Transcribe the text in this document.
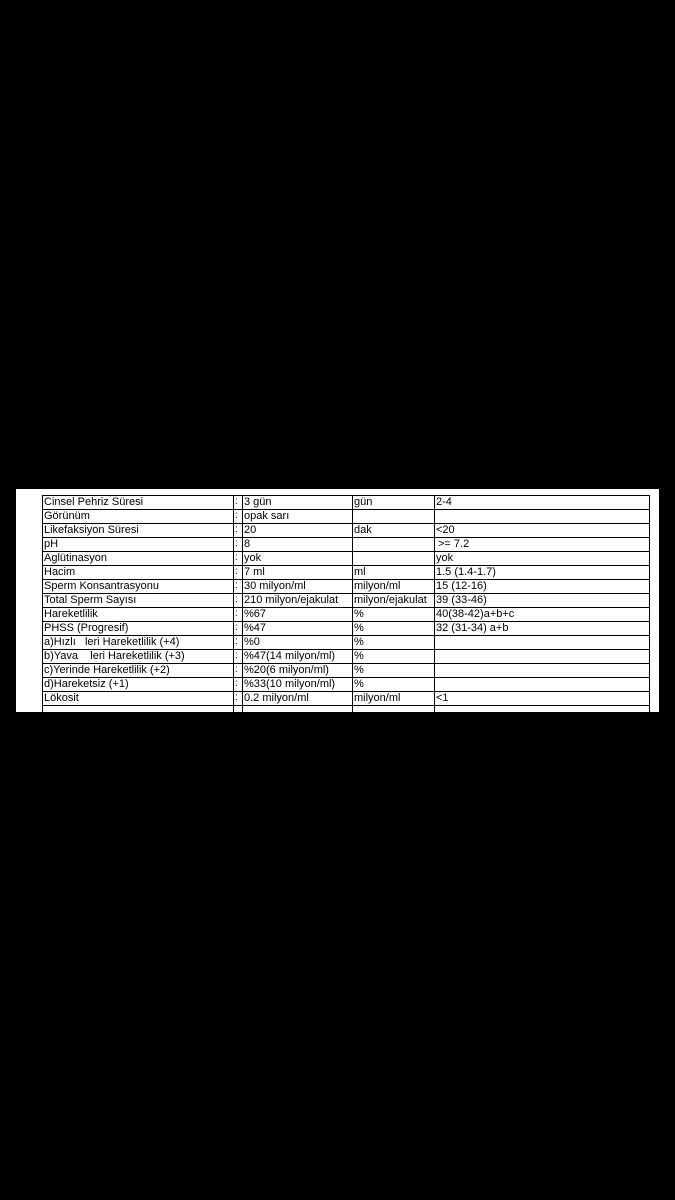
Cinsel Pehriz Süresi	:	3 gün	gün	2-4
Görünüm	:	opak sarı		
Likefaksiyon Süresi	:	20	dak	<20
pH	:	8		>= 7.2
Aglütinasyon	:	yok		yok
Hacim	:	7 ml	ml	1.5 (1.4-1.7)
Sperm Konsantrasyonu	:	30 milyon/ml	milyon/ml	15 (12-16)
Total Sperm Sayısı	:	210 milyon/ejakulat	milyon/ejakulat	39 (33-46)
Hareketlilik	:	%67	%	40(38-42)a+b+c
PHSS (Progresif)	:	%47	%	32 (31-34) a+b
a)Hızlı   leri Hareketlilik (+4)	:	%0	%	
b)Yava    leri Hareketlilik (+3)	:	%47(14 milyon/ml)	%	
c)Yerinde Hareketlilik (+2)	:	%20(6 milyon/ml)	%	
d)Hareketsiz (+1)	:	%33(10 milyon/ml)	%	
Lökosit	:	0.2 milyon/ml	milyon/ml	<1
